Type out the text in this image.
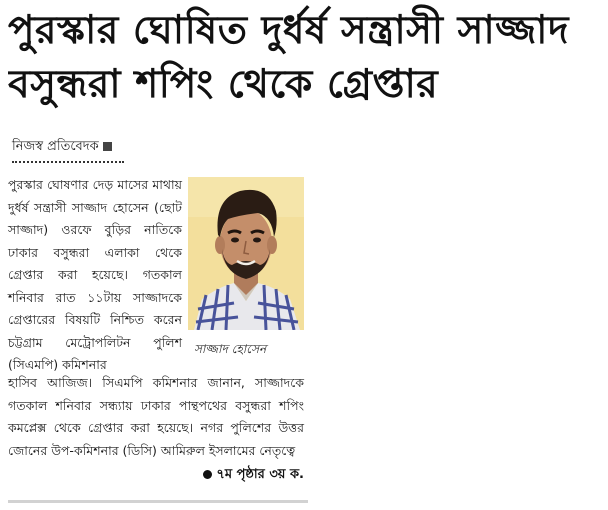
পুরস্কার ঘোষিত দুর্ধর্ষ সন্ত্রাসী সাজ্জাদ
বসুন্ধরা শপিং থেকে গ্রেপ্তার
নিজস্ব প্রতিবেদক

পুরস্কার ঘোষণার দেড় মাসের মাথায় দুর্ধর্ষ সন্ত্রাসী সাজ্জাদ হোসেন (ছোট সাজ্জাদ) ওরফে বুড়ির নাতিকে ঢাকার বসুন্ধরা এলাকা থেকে গ্রেপ্তার করা হয়েছে। গতকাল শনিবার রাত ১১টায় সাজ্জাদকে গ্রেপ্তারের বিষয়টি নিশ্চিত করেন চট্টগ্রাম মেট্রোপলিটন পুলিশ (সিএমপি) কমিশনার

সাজ্জাদ হোসেন

হাসিব আজিজ। সিএমপি কমিশনার জানান, সাজ্জাদকে গতকাল শনিবার সন্ধ্যায় ঢাকার পান্থপথের বসুন্ধরা শপিং কমপ্লেক্স থেকে গ্রেপ্তার করা হয়েছে। নগর পুলিশের উত্তর জোনের উপ-কমিশনার (ডিসি) আমিরুল ইসলামের নেতৃত্বে

৭ম পৃষ্ঠার ৩য় ক.
